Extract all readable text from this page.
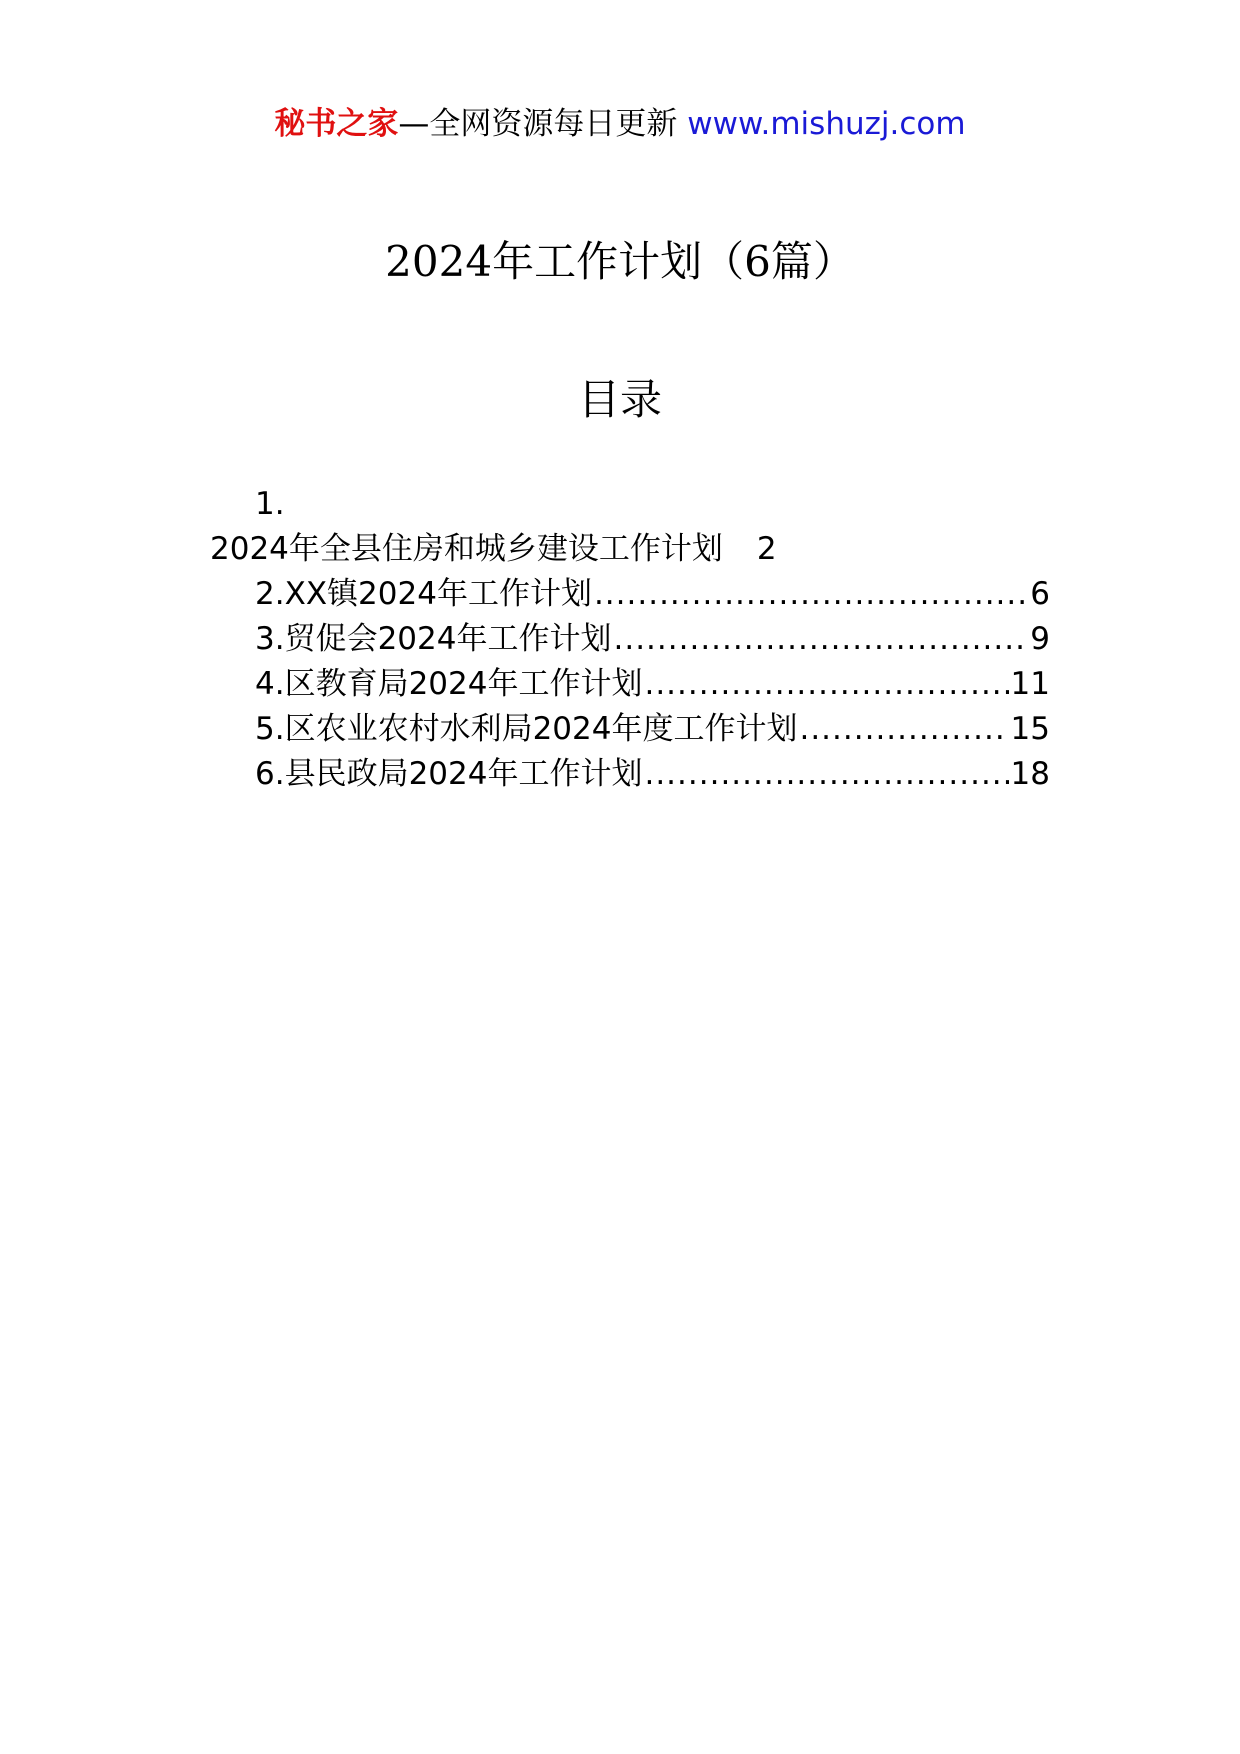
秘书之家—全网资源每日更新 www.mishuzj.com
2024年工作计划（6篇）
目录
1.
2024年全县住房和城乡建设工作计划 2
2.XX镇2024年工作计划 .....	6
3.贸促会2024年工作计划 .....	9
4.区教育局2024年工作计划 .....	11
5.区农业农村水利局2024年度工作计划 .....	15
6.县民政局2024年工作计划 .....	18
